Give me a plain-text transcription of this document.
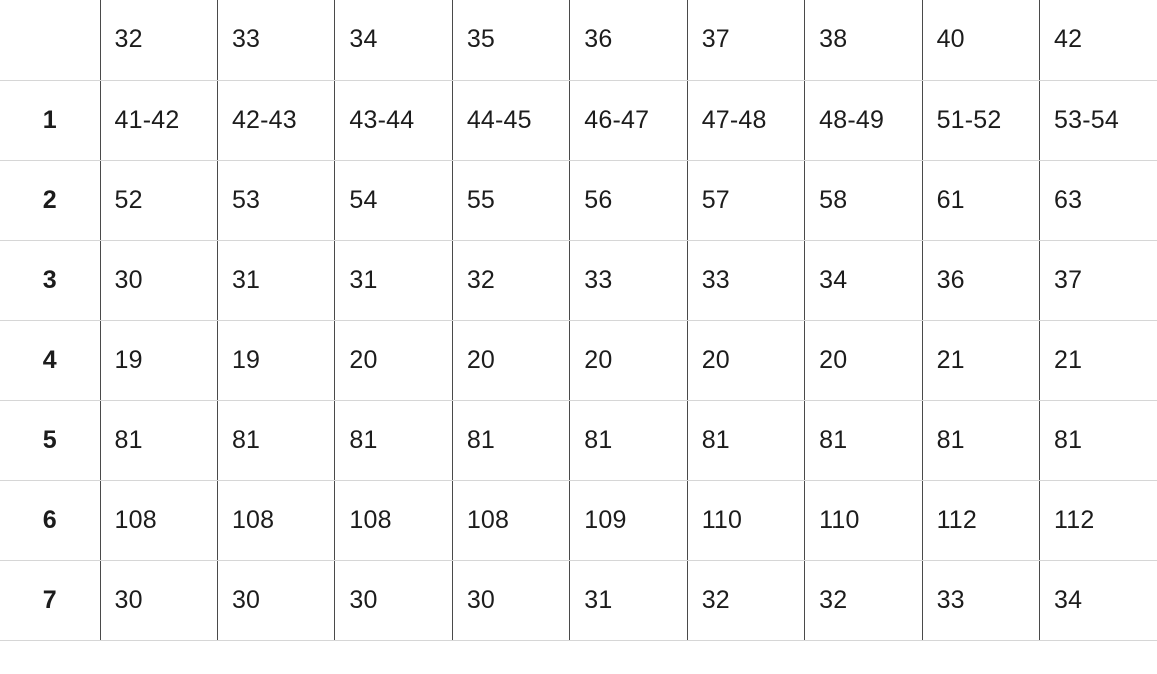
	32	33	34	35	36	37	38	40	42
1	41-42	42-43	43-44	44-45	46-47	47-48	48-49	51-52	53-54
2	52	53	54	55	56	57	58	61	63
3	30	31	31	32	33	33	34	36	37
4	19	19	20	20	20	20	20	21	21
5	81	81	81	81	81	81	81	81	81
6	108	108	108	108	109	110	110	112	112
7	30	30	30	30	31	32	32	33	34
